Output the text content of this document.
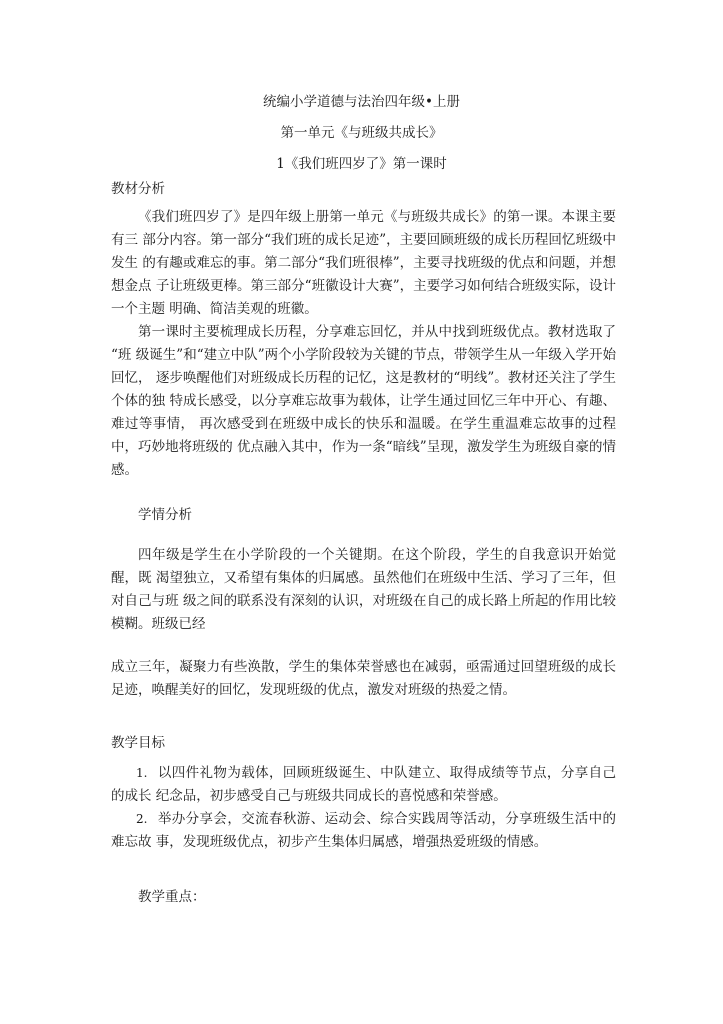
统编小学道德与法治四年级•上册
第一单元《与班级共成长》
1《我们班四岁了》第一课时
教材分析
《我们班四岁了》是四年级上册第一单元《与班级共成长》的第一课。本课主要有三 部分内容。第一部分“我们班的成长足迹”，主要回顾班级的成长历程回忆班级中发生 的有趣或难忘的事。第二部分“我们班很棒”，主要寻找班级的优点和问题，并想想金点 子让班级更棒。第三部分“班徽设计大赛”，主要学习如何结合班级实际，设计一个主题 明确、简洁美观的班徽。
第一课时主要梳理成长历程，分享难忘回忆，并从中找到班级优点。教材选取了 “班 级诞生”和“建立中队”两个小学阶段较为关键的节点，带领学生从一年级入学开始回忆， 逐步唤醒他们对班级成长历程的记忆，这是教材的“明线”。教材还关注了学生个体的独 特成长感受，以分享难忘故事为载体，让学生通过回忆三年中开心、有趣、难过等事情， 再次感受到在班级中成长的快乐和温暖。在学生重温难忘故事的过程中，巧妙地将班级的 优点融入其中，作为一条“暗线”呈现，激发学生为班级自豪的情感。
学情分析
四年级是学生在小学阶段的一个关键期。在这个阶段，学生的自我意识开始觉醒，既 渴望独立，又希望有集体的归属感。虽然他们在班级中生活、学习了三年，但对自己与班 级之间的联系没有深刻的认识，对班级在自己的成长路上所起的作用比较模糊。班级已经
成立三年，凝聚力有些涣散，学生的集体荣誉感也在减弱，亟需通过回望班级的成长足迹，唤醒美好的回忆，发现班级的优点，激发对班级的热爱之情。
教学目标
1. 以四件礼物为载体，回顾班级诞生、中队建立、取得成绩等节点，分享自己的成长 纪念品，初步感受自己与班级共同成长的喜悦感和荣誉感。
2. 举办分享会，交流春秋游、运动会、综合实践周等活动，分享班级生活中的难忘故 事，发现班级优点，初步产生集体归属感，增强热爱班级的情感。
教学重点：
